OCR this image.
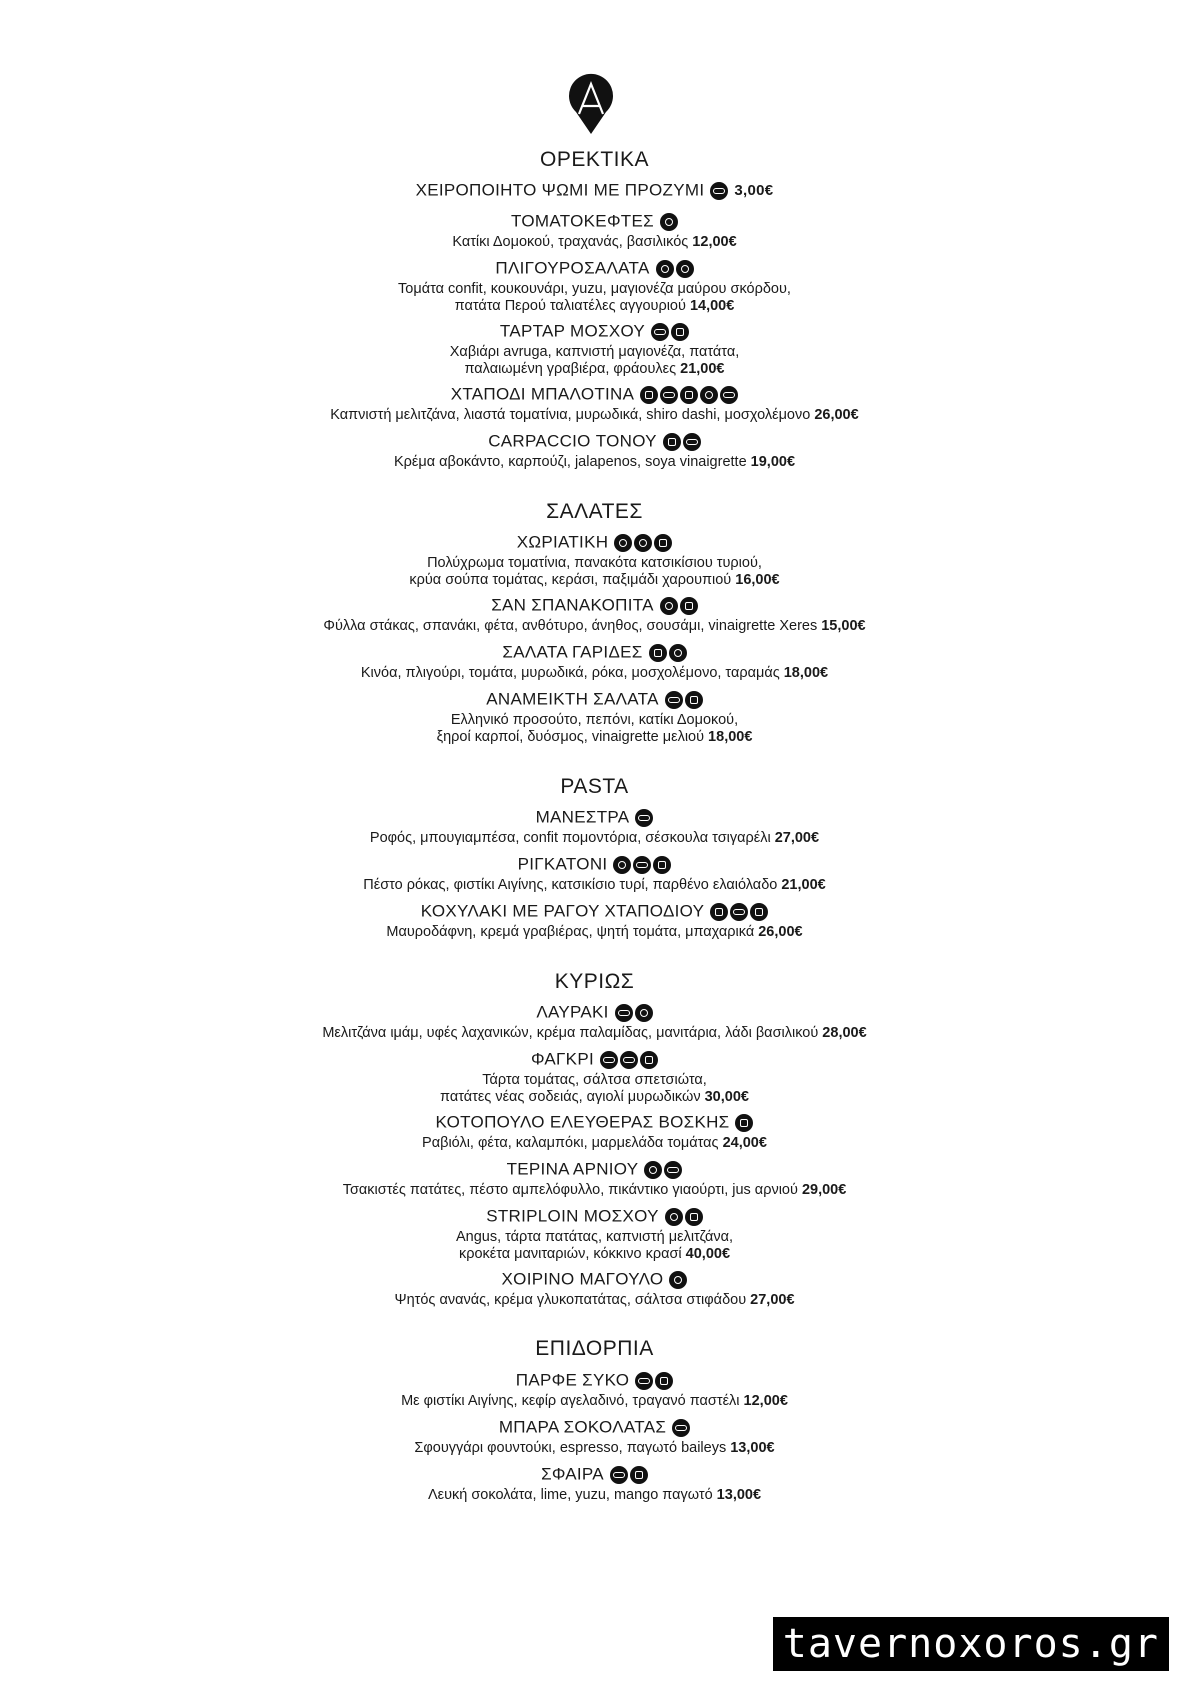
ΟΡΕΚΤΙΚΑ
ΧΕΙΡΟΠΟΙΗΤΟ ΨΩΜΙ ΜΕ ΠΡΟΖΥΜΙ 3,00€
ΤΟΜΑΤΟΚΕΦΤΕΣ
Κατίκι Δομοκού, τραχανάς, βασιλικός 12,00€
ΠΛΙΓΟΥΡΟΣΑΛΑΤΑ
Τομάτα confit, κουκουνάρι, yuzu, μαγιονέζα μαύρου σκόρδου,
πατάτα Περού ταλιατέλες αγγουριού 14,00€
ΤΑΡΤΑΡ ΜΟΣΧΟΥ
Χαβιάρι avruga, καπνιστή μαγιονέζα, πατάτα,
παλαιωμένη γραβιέρα, φράουλες 21,00€
ΧΤΑΠΟΔΙ ΜΠΑΛΟΤΙΝΑ
Καπνιστή μελιτζάνα, λιαστά τοματίνια, μυρωδικά, shiro dashi, μοσχολέμονο 26,00€
CARPACCIO ΤΟΝΟΥ
Κρέμα αβοκάντο, καρπούζι, jalapenos, soya vinaigrette 19,00€
ΣΑΛΑΤΕΣ
ΧΩΡΙΑΤΙΚΗ
Πολύχρωμα τοματίνια, πανακότα κατσικίσιου τυριού,
κρύα σούπα τομάτας, κεράσι, παξιμάδι χαρουπιού 16,00€
ΣΑΝ ΣΠΑΝΑΚΟΠΙΤΑ
Φύλλα στάκας, σπανάκι, φέτα, ανθότυρο, άνηθος, σουσάμι, vinaigrette Xeres 15,00€
ΣΑΛΑΤΑ ΓΑΡΙΔΕΣ
Κινόα, πλιγούρι, τομάτα, μυρωδικά, ρόκα, μοσχολέμονο, ταραμάς 18,00€
ΑΝΑΜΕΙΚΤΗ ΣΑΛΑΤΑ
Ελληνικό προσούτο, πεπόνι, κατίκι Δομοκού,
ξηροί καρποί, δυόσμος, vinaigrette μελιού 18,00€
PASTA
ΜΑΝΕΣΤΡΑ
Ροφός, μπουγιαμπέσα, confit πομοντόρια, σέσκουλα τσιγαρέλι 27,00€
ΡΙΓΚΑΤΟΝΙ
Πέστο ρόκας, φιστίκι Αιγίνης, κατσικίσιο τυρί, παρθένο ελαιόλαδο 21,00€
ΚΟΧΥΛΑΚΙ ΜΕ ΡΑΓΟΥ ΧΤΑΠΟΔΙΟΥ
Μαυροδάφνη, κρεμά γραβιέρας, ψητή τομάτα, μπαχαρικά 26,00€
ΚΥΡΙΩΣ
ΛΑΥΡΑΚΙ
Μελιτζάνα ιμάμ, υφές λαχανικών, κρέμα παλαμίδας, μανιτάρια, λάδι βασιλικού 28,00€
ΦΑΓΚΡΙ
Τάρτα τομάτας, σάλτσα σπετσιώτα,
πατάτες νέας σοδειάς, αγιολί μυρωδικών 30,00€
ΚΟΤΟΠΟΥΛΟ ΕΛΕΥΘΕΡΑΣ ΒΟΣΚΗΣ
Ραβιόλι, φέτα, καλαμπόκι, μαρμελάδα τομάτας 24,00€
ΤΕΡΙΝΑ ΑΡΝΙΟΥ
Τσακιστές πατάτες, πέστο αμπελόφυλλο, πικάντικο γιαούρτι, jus αρνιού 29,00€
STRIPLOIN ΜΟΣΧΟΥ
Angus, τάρτα πατάτας, καπνιστή μελιτζάνα,
κροκέτα μανιταριών, κόκκινο κρασί 40,00€
ΧΟΙΡΙΝΟ ΜΑΓΟΥΛΟ
Ψητός ανανάς, κρέμα γλυκοπατάτας, σάλτσα στιφάδου 27,00€
ΕΠΙΔΟΡΠΙΑ
ΠΑΡΦΕ ΣΥΚΟ
Με φιστίκι Αιγίνης, κεφίρ αγελαδινό, τραγανό παστέλι 12,00€
ΜΠΑΡΑ ΣΟΚΟΛΑΤΑΣ
Σφουγγάρι φουντούκι, espresso, παγωτό baileys 13,00€
ΣΦΑΙΡΑ
Λευκή σοκολάτα, lime, yuzu, mango παγωτό 13,00€
tavernoxoros.gr
